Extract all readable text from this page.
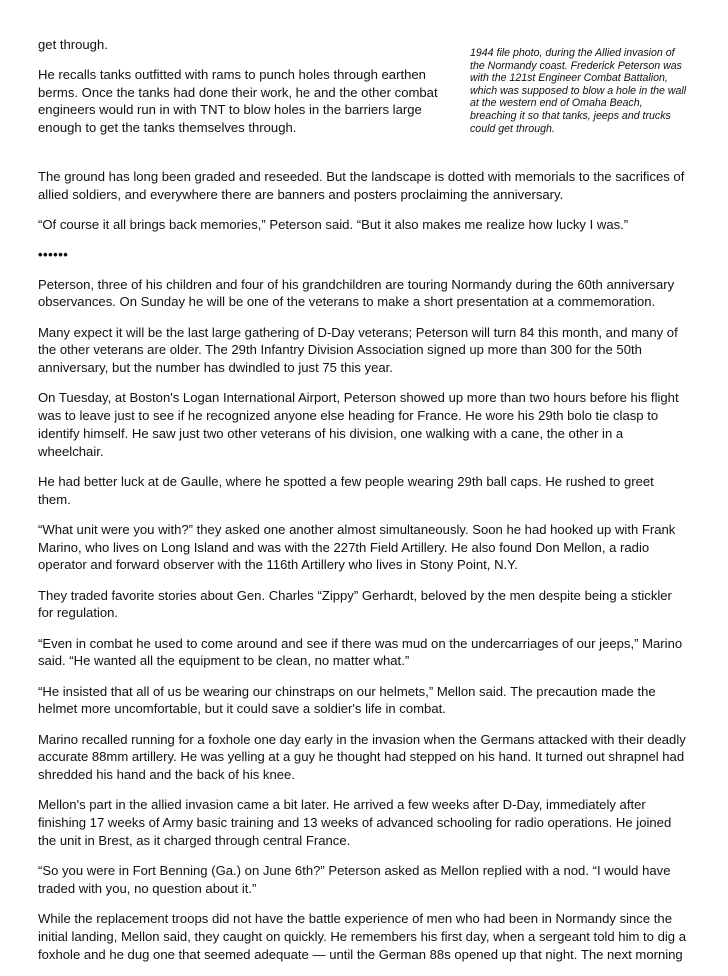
get through.

He recalls tanks outfitted with rams to punch holes through earthen berms. Once the tanks had done their work, he and the other combat engineers would run in with TNT to blow holes in the barriers large enough to get the tanks themselves through.

1944 file photo, during the Allied invasion of the Normandy coast. Frederick Peterson was with the 121st Engineer Combat Battalion, which was supposed to blow a hole in the wall at the western end of Omaha Beach, breaching it so that tanks, jeeps and trucks could get through.

The ground has long been graded and reseeded. But the landscape is dotted with memorials to the sacrifices of allied soldiers, and everywhere there are banners and posters proclaiming the anniversary.

“Of course it all brings back memories,” Peterson said. “But it also makes me realize how lucky I was.”

••••••

Peterson, three of his children and four of his grandchildren are touring Normandy during the 60th anniversary observances. On Sunday he will be one of the veterans to make a short presentation at a commemoration.

Many expect it will be the last large gathering of D-Day veterans; Peterson will turn 84 this month, and many of the other veterans are older. The 29th Infantry Division Association signed up more than 300 for the 50th anniversary, but the number has dwindled to just 75 this year.

On Tuesday, at Boston's Logan International Airport, Peterson showed up more than two hours before his flight was to leave just to see if he recognized anyone else heading for France. He wore his 29th bolo tie clasp to identify himself. He saw just two other veterans of his division, one walking with a cane, the other in a wheelchair.

He had better luck at de Gaulle, where he spotted a few people wearing 29th ball caps. He rushed to greet them.

“What unit were you with?” they asked one another almost simultaneously. Soon he had hooked up with Frank Marino, who lives on Long Island and was with the 227th Field Artillery. He also found Don Mellon, a radio operator and forward observer with the 116th Artillery who lives in Stony Point, N.Y.

They traded favorite stories about Gen. Charles “Zippy” Gerhardt, beloved by the men despite being a stickler for regulation.

“Even in combat he used to come around and see if there was mud on the undercarriages of our jeeps,” Marino said. “He wanted all the equipment to be clean, no matter what.”

“He insisted that all of us be wearing our chinstraps on our helmets,” Mellon said. The precaution made the helmet more uncomfortable, but it could save a soldier's life in combat.

Marino recalled running for a foxhole one day early in the invasion when the Germans attacked with their deadly accurate 88mm artillery. He was yelling at a guy he thought had stepped on his hand. It turned out shrapnel had shredded his hand and the back of his knee.

Mellon's part in the allied invasion came a bit later. He arrived a few weeks after D-Day, immediately after finishing 17 weeks of Army basic training and 13 weeks of advanced schooling for radio operations. He joined the unit in Brest, as it charged through central France.

“So you were in Fort Benning (Ga.) on June 6th?” Peterson asked as Mellon replied with a nod. “I would have traded with you, no question about it.”

While the replacement troops did not have the battle experience of men who had been in Normandy since the initial landing, Mellon said, they caught on quickly. He remembers his first day, when a sergeant told him to dig a foxhole and he dug one that seemed adequate — until the German 88s opened up that night. The next morning
